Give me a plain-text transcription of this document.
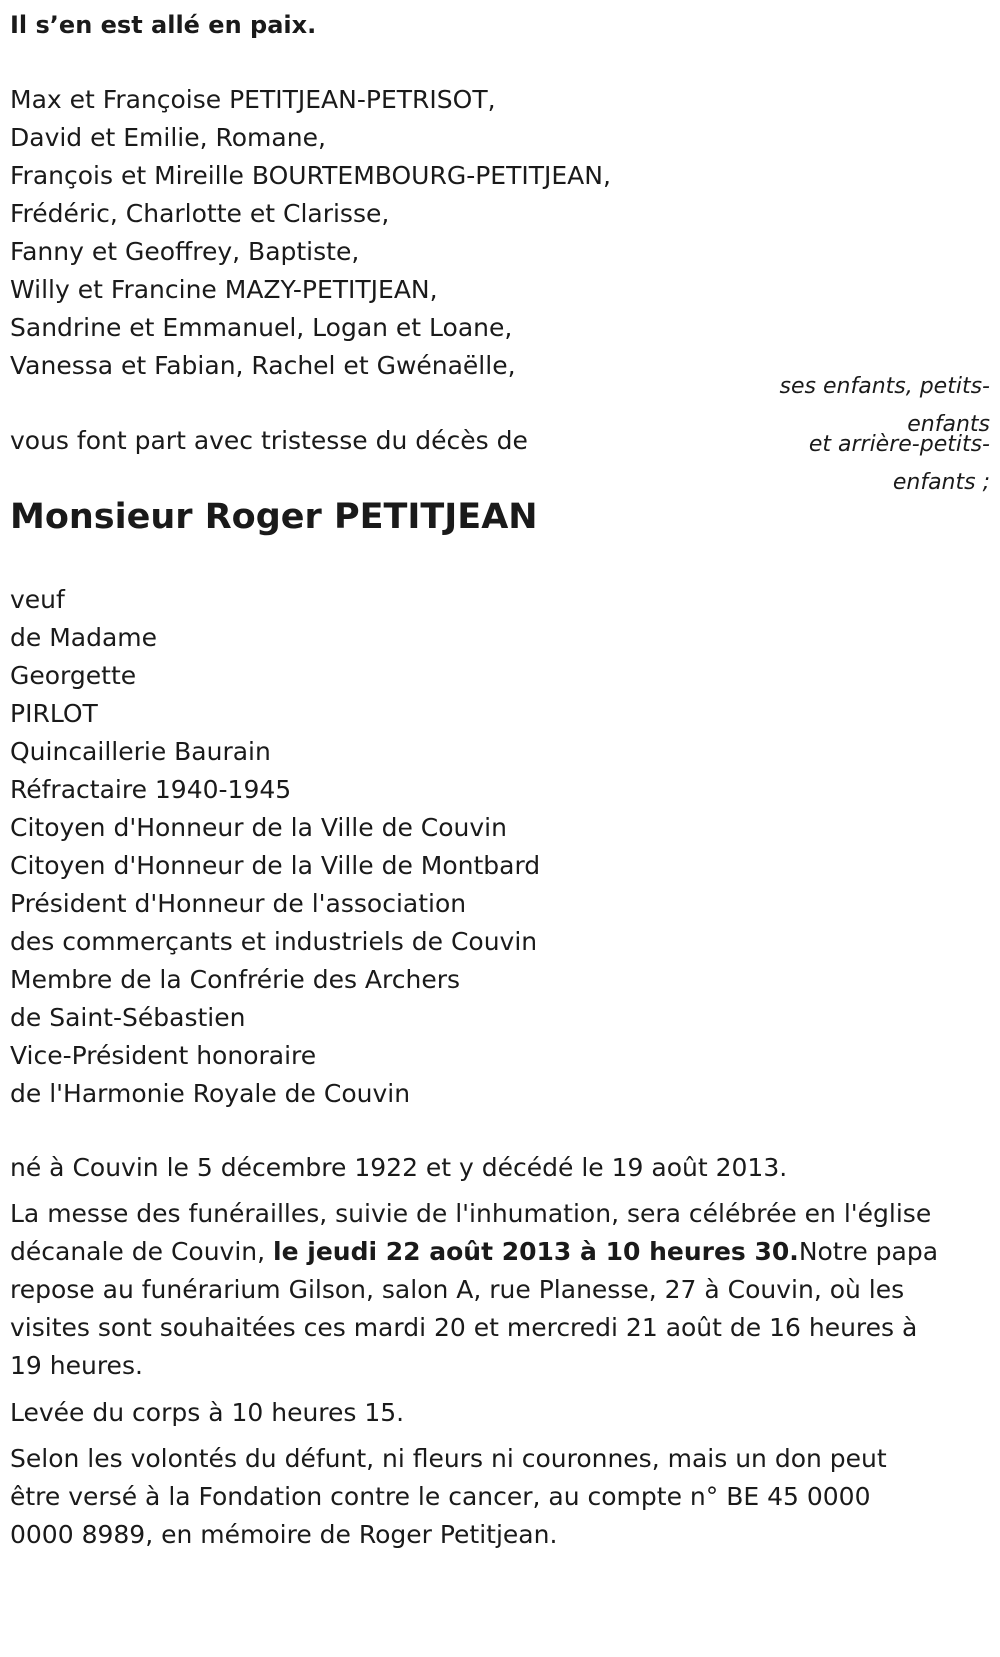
Il s’en est allé en paix.

Max et Françoise PETITJEAN-PETRISOT,
David et Emilie, Romane,
François et Mireille BOURTEMBOURG-PETITJEAN,
Frédéric, Charlotte et Clarisse,
Fanny et Geoffrey, Baptiste,
Willy et Francine MAZY-PETITJEAN,
Sandrine et Emmanuel, Logan et Loane,
Vanessa et Fabian, Rachel et Gwénaëlle,

ses enfants, petits-
enfants

vous font part avec tristesse du décès de	et arrière-petits-
enfants ;

Monsieur Roger PETITJEAN
veuf
de Madame
Georgette
PIRLOT
Quincaillerie Baurain
Réfractaire 1940-1945
Citoyen d'Honneur de la Ville de Couvin
Citoyen d'Honneur de la Ville de Montbard
Président d'Honneur de l'association
des commerçants et industriels de Couvin
Membre de la Confrérie des Archers
de Saint-Sébastien
Vice-Président honoraire
de l'Harmonie Royale de Couvin

né à Couvin le 5 décembre 1922 et y décédé le 19 août 2013.

La messe des funérailles, suivie de l'inhumation, sera célébrée en l'église décanale de Couvin, le jeudi 22 août 2013 à 10 heures 30.Notre papa repose au funérarium Gilson, salon A, rue Planesse, 27 à Couvin, où les visites sont souhaitées ces mardi 20 et mercredi 21 août de 16 heures à 19 heures.

Levée du corps à 10 heures 15.

Selon les volontés du défunt, ni fleurs ni couronnes, mais un don peut être versé à la Fondation contre le cancer, au compte n° BE 45 0000 0000 8989, en mémoire de Roger Petitjean.
